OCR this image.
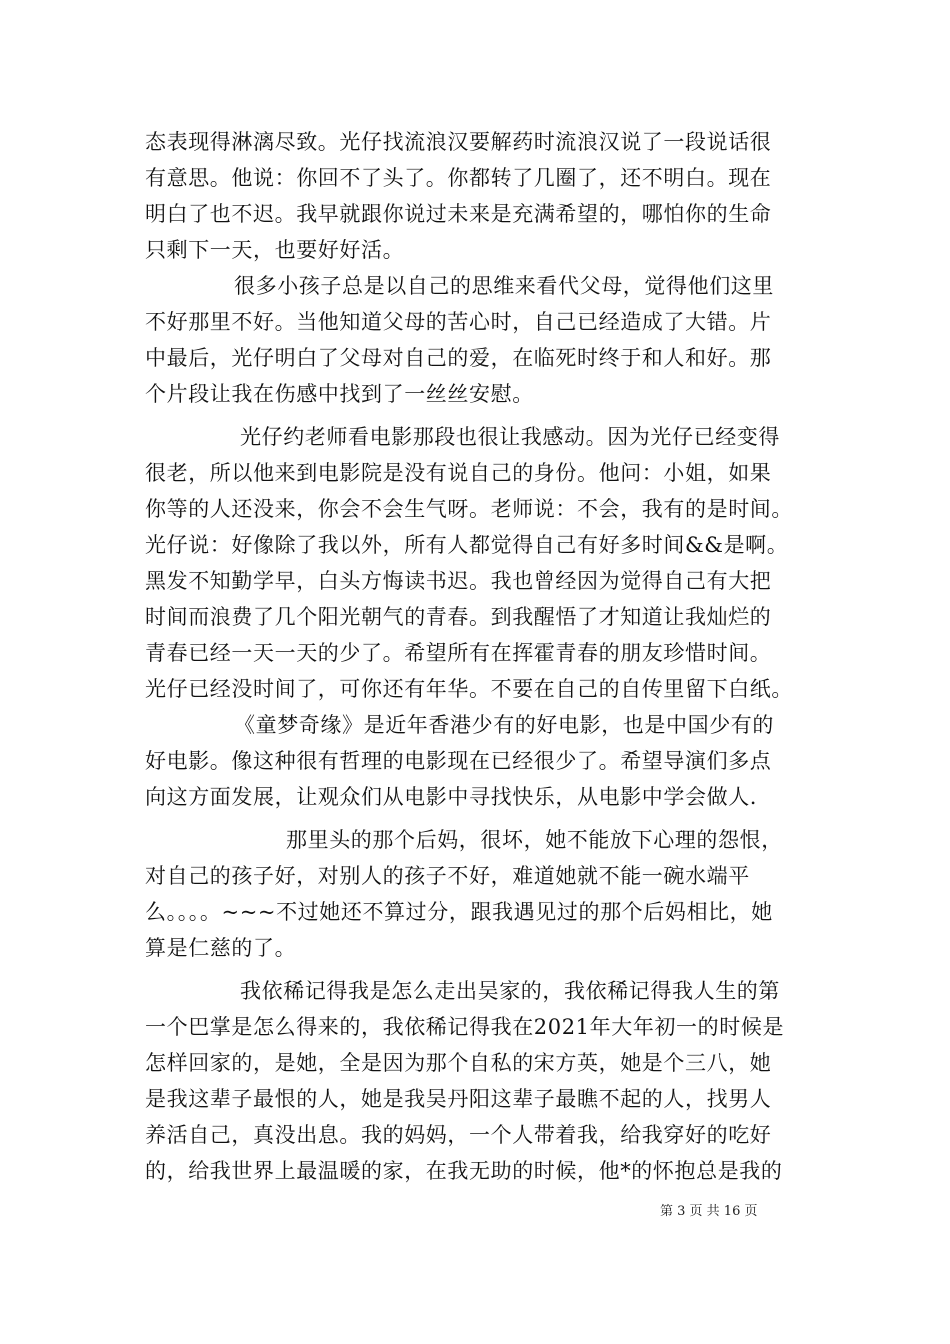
态表现得淋漓尽致。光仔找流浪汉要解药时流浪汉说了一段说话很
有意思。他说：你回不了头了。你都转了几圈了，还不明白。现在
明白了也不迟。我早就跟你说过未来是充满希望的，哪怕你的生命
只剩下一天，也要好好活。
很多小孩子总是以自己的思维来看代父母，觉得他们这里
不好那里不好。当他知道父母的苦心时，自己已经造成了大错。片
中最后，光仔明白了父母对自己的爱，在临死时终于和人和好。那
个片段让我在伤感中找到了一丝丝安慰。
光仔约老师看电影那段也很让我感动。因为光仔已经变得
很老，所以他来到电影院是没有说自己的身份。他问：小姐，如果
你等的人还没来，你会不会生气呀。老师说：不会，我有的是时间。
光仔说：好像除了我以外，所有人都觉得自己有好多时间&&是啊。
黑发不知勤学早，白头方悔读书迟。我也曾经因为觉得自己有大把
时间而浪费了几个阳光朝气的青春。到我醒悟了才知道让我灿烂的
青春已经一天一天的少了。希望所有在挥霍青春的朋友珍惜时间。
光仔已经没时间了，可你还有年华。不要在自己的自传里留下白纸。
《童梦奇缘》是近年香港少有的好电影，也是中国少有的
好电影。像这种很有哲理的电影现在已经很少了。希望导演们多点
向这方面发展，让观众们从电影中寻找快乐，从电影中学会做人.
那里头的那个后妈，很坏，她不能放下心理的怨恨，
对自己的孩子好，对别人的孩子不好，难道她就不能一碗水端平
么。。。。~~~不过她还不算过分，跟我遇见过的那个后妈相比，她
算是仁慈的了。
我依稀记得我是怎么走出吴家的，我依稀记得我人生的第
一个巴掌是怎么得来的，我依稀记得我在2021年大年初一的时候是
怎样回家的，是她，全是因为那个自私的宋方英，她是个三八，她
是我这辈子最恨的人，她是我吴丹阳这辈子最瞧不起的人，找男人
养活自己，真没出息。我的妈妈，一个人带着我，给我穿好的吃好
的，给我世界上最温暖的家，在我无助的时候，他*的怀抱总是我的
第 3 页 共 16 页
